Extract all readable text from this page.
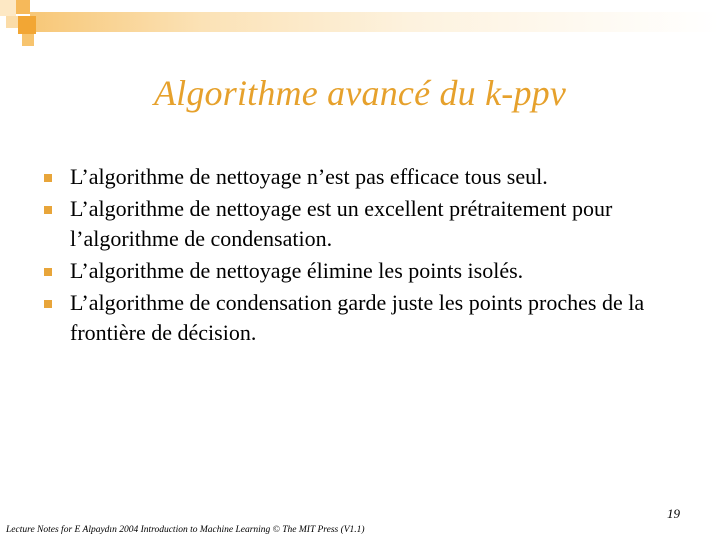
Algorithme avancé du k-ppv
L’algorithme de nettoyage n’est pas efficace tous seul.
L’algorithme de nettoyage est un excellent prétraitement pour l’algorithme de condensation.
L’algorithme de nettoyage élimine les points isolés.
L’algorithme de condensation garde juste les points proches de la frontière de décision.
19
Lecture Notes for E Alpaydın 2004 Introduction to Machine Learning © The MIT Press (V1.1)
